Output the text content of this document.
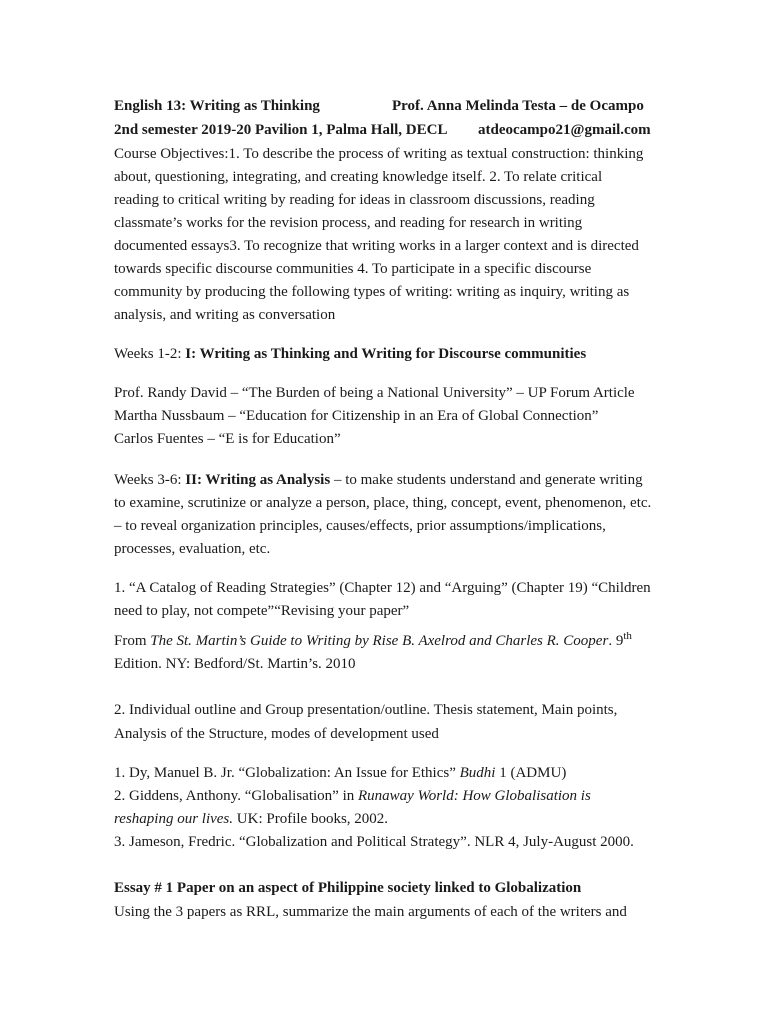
English 13: Writing as Thinking	Prof. Anna Melinda Testa – de Ocampo
2nd semester 2019-20 Pavilion 1, Palma Hall, DECL atdeocampo21@gmail.com
Course Objectives:1. To describe the process of writing as textual construction: thinking
about, questioning, integrating, and creating knowledge itself. 2. To relate critical
reading to critical writing by reading for ideas in classroom discussions, reading
classmate’s works for the revision process, and reading for research in writing
documented essays3. To recognize that writing works in a larger context and is directed
towards specific discourse communities 4. To participate in a specific discourse
community by producing the following types of writing: writing as inquiry, writing as
analysis, and writing as conversation
Weeks 1-2: I: Writing as Thinking and Writing for Discourse communities
Prof. Randy David – “The Burden of being a National University” – UP Forum Article
Martha Nussbaum – “Education for Citizenship in an Era of Global Connection”
Carlos Fuentes – “E is for Education”
Weeks 3-6: II: Writing as Analysis – to make students understand and generate writing
to examine, scrutinize or analyze a person, place, thing, concept, event, phenomenon, etc.
– to reveal organization principles, causes/effects, prior assumptions/implications,
processes, evaluation, etc.
1. “A Catalog of Reading Strategies” (Chapter 12) and “Arguing” (Chapter 19) “Children
need to play, not compete”“Revising your paper”
From The St. Martin’s Guide to Writing by Rise B. Axelrod and Charles R. Cooper. 9th
Edition. NY: Bedford/St. Martin’s. 2010
2. Individual outline and Group presentation/outline. Thesis statement, Main points,
Analysis of the Structure, modes of development used
1. Dy, Manuel B. Jr. “Globalization: An Issue for Ethics” Budhi 1 (ADMU)
2. Giddens, Anthony. “Globalisation” in Runaway World: How Globalisation is
reshaping our lives. UK: Profile books, 2002.
3. Jameson, Fredric. “Globalization and Political Strategy”. NLR 4, July-August 2000.
Essay # 1 Paper on an aspect of Philippine society linked to Globalization
Using the 3 papers as RRL, summarize the main arguments of each of the writers and
